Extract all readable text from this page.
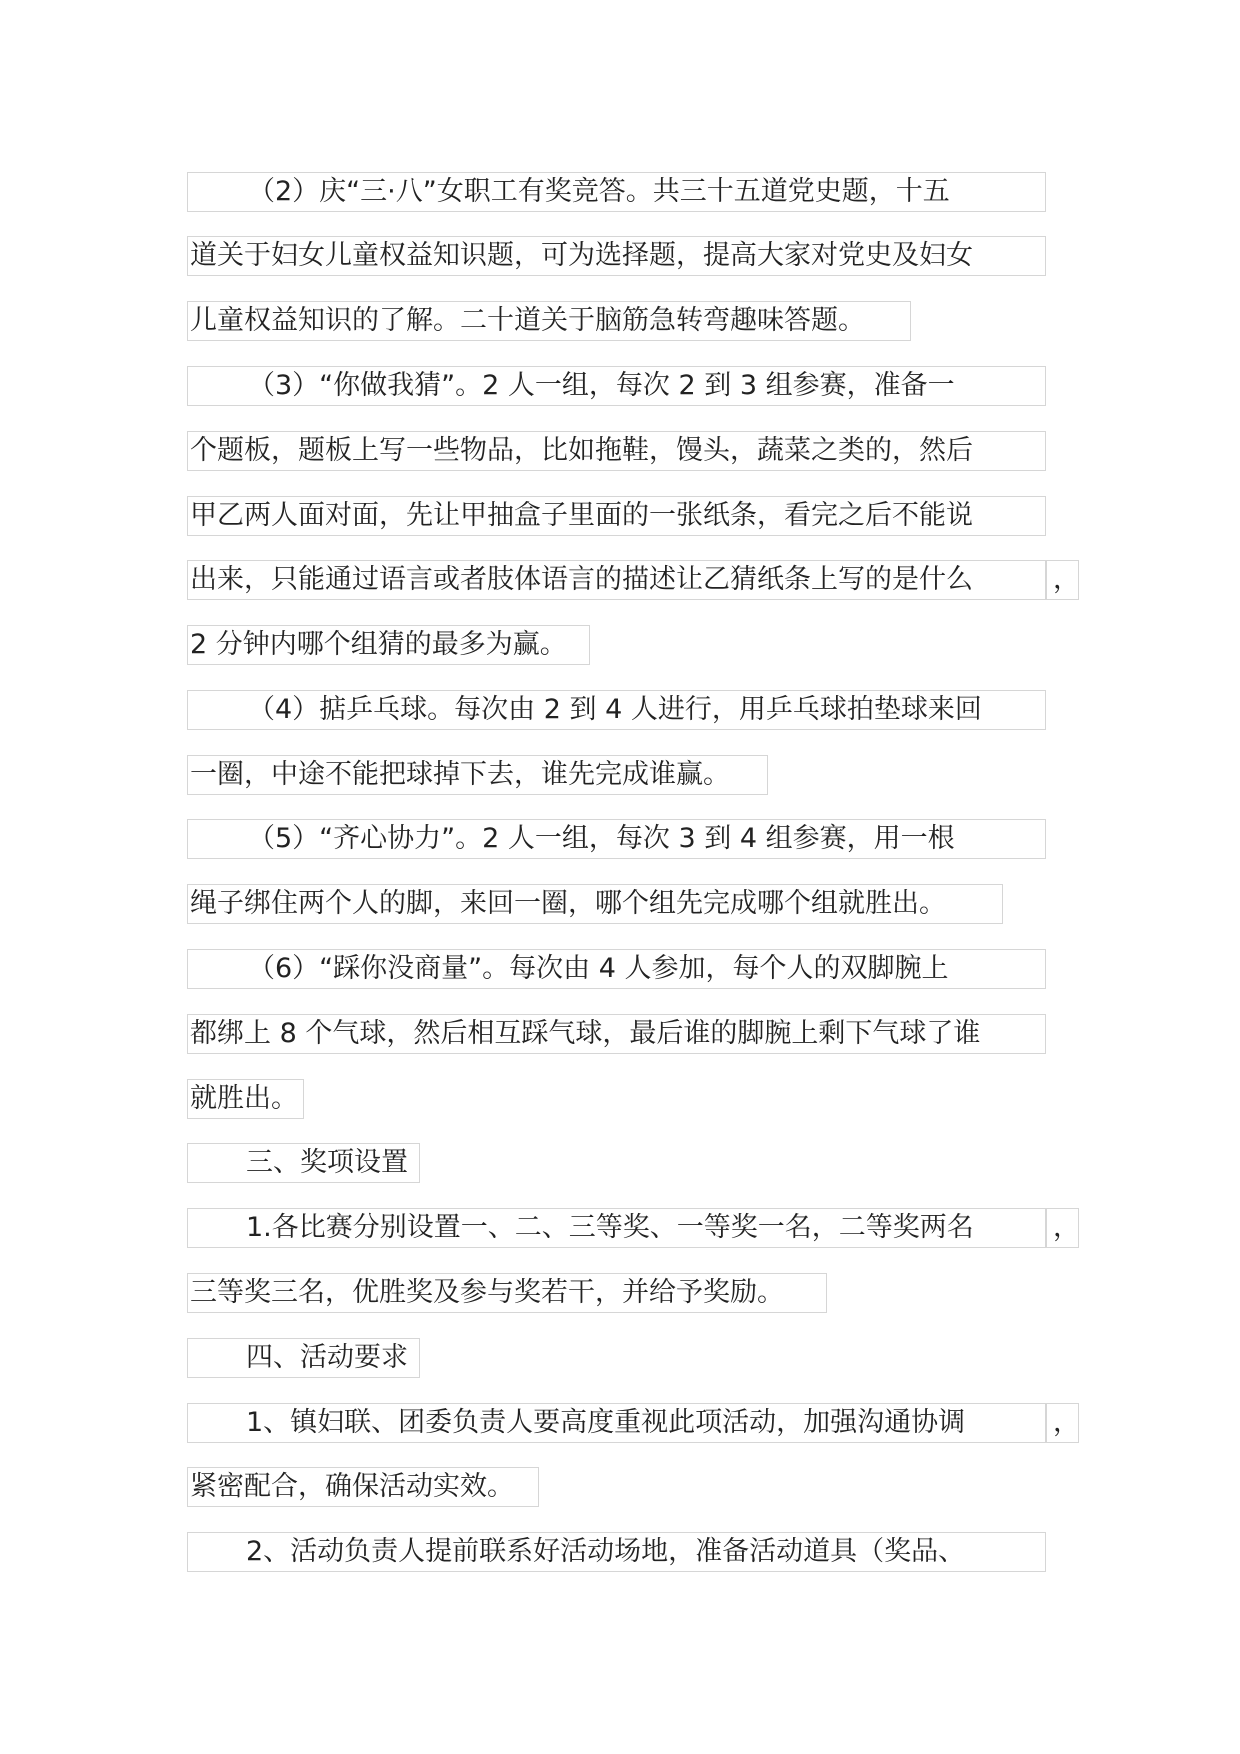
（2）庆“三·八”女职工有奖竞答。共三十五道党史题，十五
道关于妇女儿童权益知识题，可为选择题，提高大家对党史及妇女
儿童权益知识的了解。二十道关于脑筋急转弯趣味答题。
（3）“你做我猜”。2 人一组，每次 2 到 3 组参赛，准备一
个题板，题板上写一些物品，比如拖鞋，馒头，蔬菜之类的，然后
甲乙两人面对面，先让甲抽盒子里面的一张纸条，看完之后不能说
出来，只能通过语言或者肢体语言的描述让乙猜纸条上写的是什么	，
2 分钟内哪个组猜的最多为赢。
（4）掂乒乓球。每次由 2 到 4 人进行，用乒乓球拍垫球来回
一圈，中途不能把球掉下去，谁先完成谁赢。
（5）“齐心协力”。2 人一组，每次 3 到 4 组参赛，用一根
绳子绑住两个人的脚，来回一圈，哪个组先完成哪个组就胜出。
（6）“踩你没商量”。每次由 4 人参加，每个人的双脚腕上
都绑上 8 个气球，然后相互踩气球，最后谁的脚腕上剩下气球了谁
就胜出。
三、奖项设置
1.各比赛分别设置一、二、三等奖、一等奖一名，二等奖两名	，
三等奖三名，优胜奖及参与奖若干，并给予奖励。
四、活动要求
1、镇妇联、团委负责人要高度重视此项活动，加强沟通协调	，
紧密配合，确保活动实效。
2、活动负责人提前联系好活动场地，准备活动道具（奖品、
